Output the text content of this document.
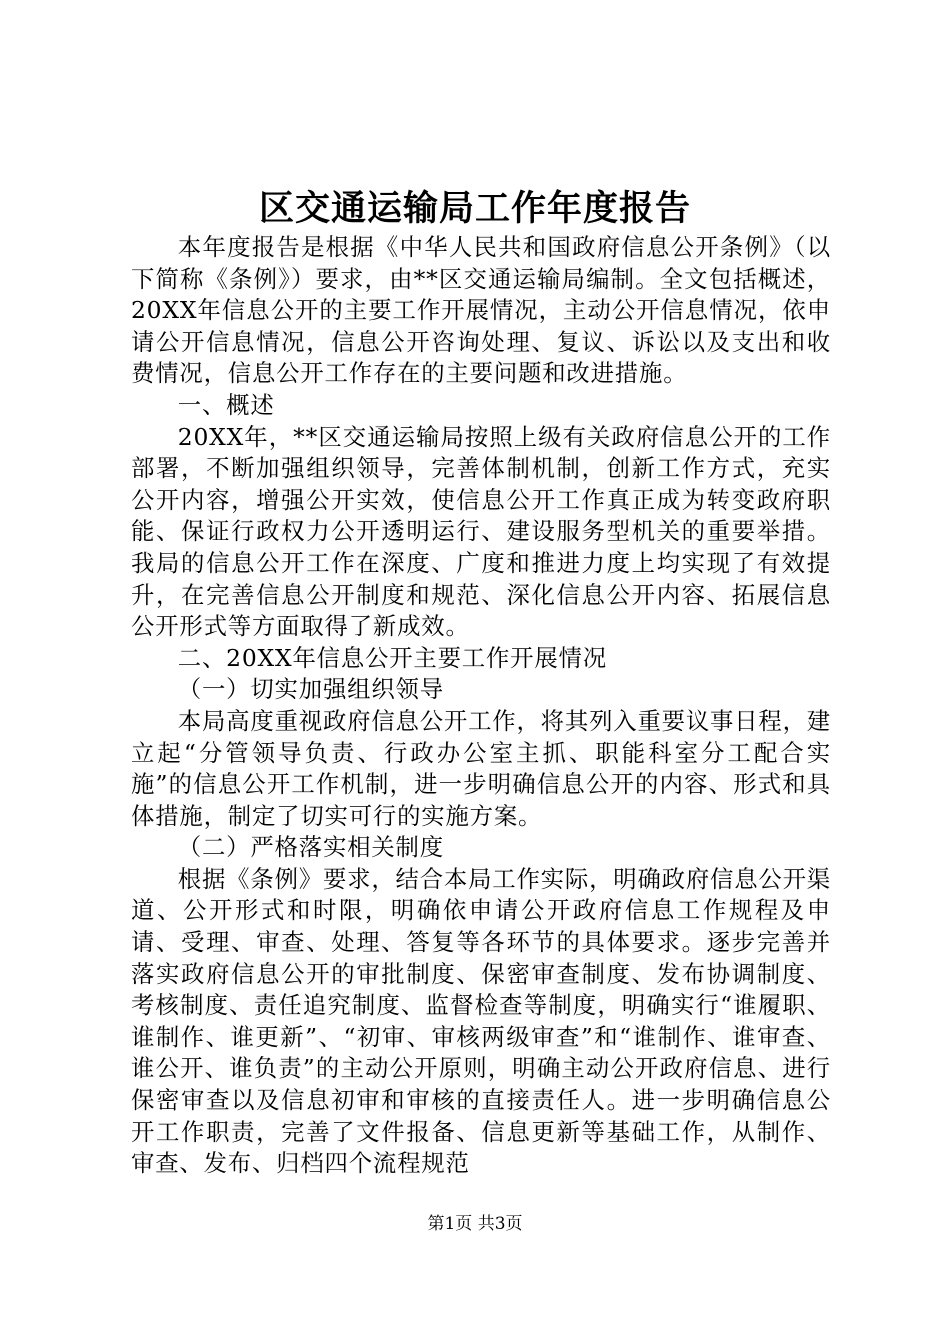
区交通运输局工作年度报告

本年度报告是根据《中华人民共和国政府信息公开条例》（以下简称《条例》）要求，由**区交通运输局编制。全文包括概述，20XX年信息公开的主要工作开展情况，主动公开信息情况，依申请公开信息情况，信息公开咨询处理、复议、诉讼以及支出和收费情况，信息公开工作存在的主要问题和改进措施。

一、概述

20XX年，**区交通运输局按照上级有关政府信息公开的工作部署，不断加强组织领导，完善体制机制，创新工作方式，充实公开内容，增强公开实效，使信息公开工作真正成为转变政府职能、保证行政权力公开透明运行、建设服务型机关的重要举措。我局的信息公开工作在深度、广度和推进力度上均实现了有效提升，在完善信息公开制度和规范、深化信息公开内容、拓展信息公开形式等方面取得了新成效。

二、20XX年信息公开主要工作开展情况

（一）切实加强组织领导

本局高度重视政府信息公开工作，将其列入重要议事日程，建立起“分管领导负责、行政办公室主抓、职能科室分工配合实施”的信息公开工作机制，进一步明确信息公开的内容、形式和具体措施，制定了切实可行的实施方案。

（二）严格落实相关制度

根据《条例》要求，结合本局工作实际，明确政府信息公开渠道、公开形式和时限，明确依申请公开政府信息工作规程及申请、受理、审查、处理、答复等各环节的具体要求。逐步完善并落实政府信息公开的审批制度、保密审查制度、发布协调制度、考核制度、责任追究制度、监督检查等制度，明确实行“谁履职、谁制作、谁更新”、“初审、审核两级审查”和“谁制作、谁审查、谁公开、谁负责”的主动公开原则，明确主动公开政府信息、进行保密审查以及信息初审和审核的直接责任人。进一步明确信息公开工作职责，完善了文件报备、信息更新等基础工作，从制作、审查、发布、归档四个流程规范

第1页 共3页
